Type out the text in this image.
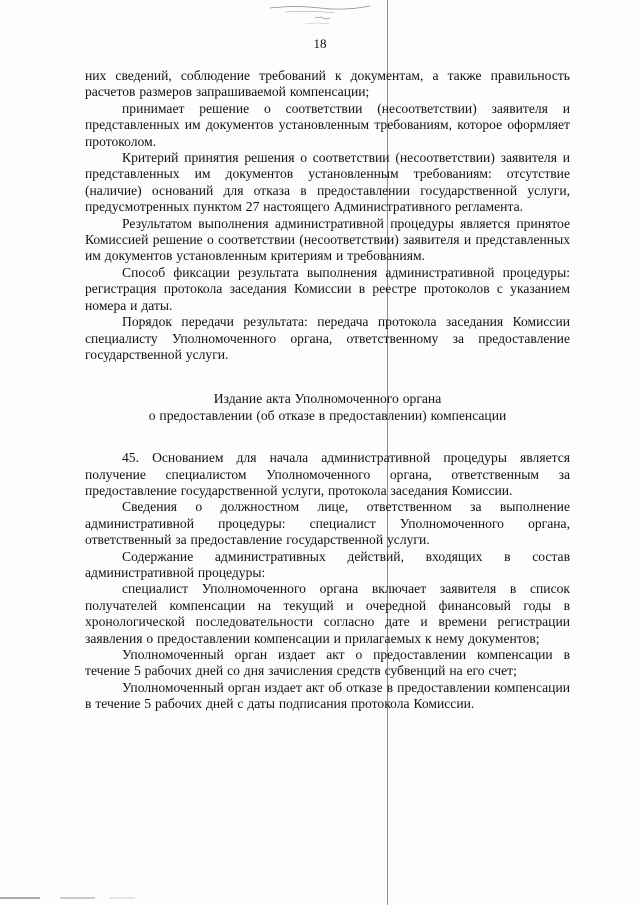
18

них сведений, соблюдение требований к документам, а также правильность расчетов размеров запрашиваемой компенсации;

принимает решение о соответствии (несоответствии) заявителя и представленных им документов установленным требованиям, которое оформляет протоколом.

Критерий принятия решения о соответствии (несоответствии) заявителя и представленных им документов установленным требованиям: отсутствие (наличие) оснований для отказа в предоставлении государственной услуги, предусмотренных пунктом 27 настоящего Административного регламента.

Результатом выполнения административной процедуры является принятое Комиссией решение о соответствии (несоответствии) заявителя и представленных им документов установленным критериям и требованиям.

Способ фиксации результата выполнения административной процедуры: регистрация протокола заседания Комиссии в реестре протоколов с указанием номера и даты.

Порядок передачи результата: передача протокола заседания Комиссии специалисту Уполномоченного органа, ответственному за предоставление государственной услуги.

Издание акта Уполномоченного органа
о предоставлении (об отказе в предоставлении) компенсации

45. Основанием для начала административной процедуры является получение специалистом Уполномоченного органа, ответственным за предоставление государственной услуги, протокола заседания Комиссии.

Сведения о должностном лице, ответственном за выполнение административной процедуры: специалист Уполномоченного органа, ответственный за предоставление государственной услуги.

Содержание административных действий, входящих в состав административной процедуры:

специалист Уполномоченного органа включает заявителя в список получателей компенсации на текущий и очередной финансовый годы в хронологической последовательности согласно дате и времени регистрации заявления о предоставлении компенсации и прилагаемых к нему документов;

Уполномоченный орган издает акт о предоставлении компенсации в течение 5 рабочих дней со дня зачисления средств субвенций на его счет;

Уполномоченный орган издает акт об отказе в предоставлении компенсации в течение 5 рабочих дней с даты подписания протокола Комиссии.
